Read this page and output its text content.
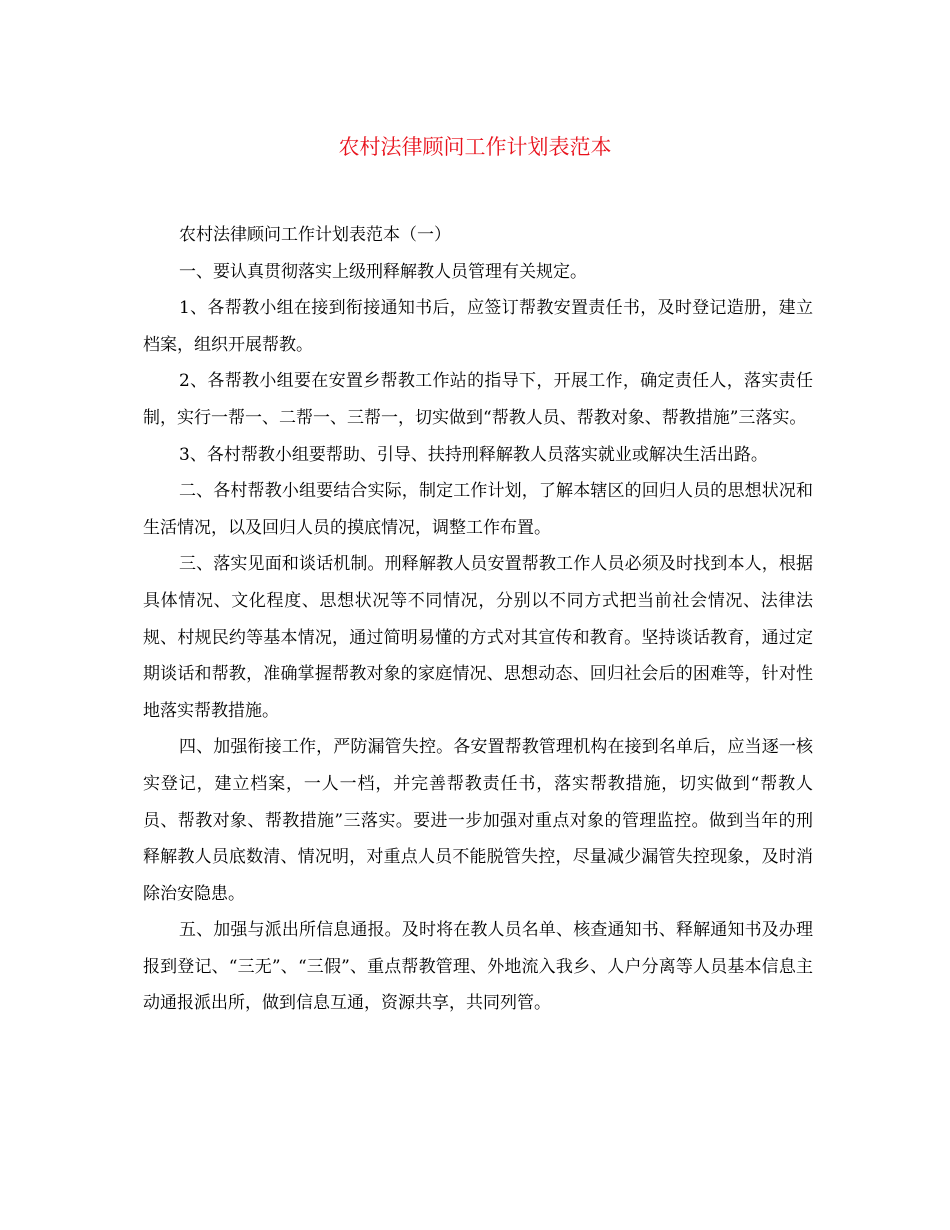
农村法律顾问工作计划表范本

农村法律顾问工作计划表范本（一）

一、要认真贯彻落实上级刑释解教人员管理有关规定。

1、各帮教小组在接到衔接通知书后，应签订帮教安置责任书，及时登记造册，建立档案，组织开展帮教。

2、各帮教小组要在安置乡帮教工作站的指导下，开展工作，确定责任人，落实责任制，实行一帮一、二帮一、三帮一，切实做到“帮教人员、帮教对象、帮教措施”三落实。

3、各村帮教小组要帮助、引导、扶持刑释解教人员落实就业或解决生活出路。

二、各村帮教小组要结合实际，制定工作计划，了解本辖区的回归人员的思想状况和生活情况，以及回归人员的摸底情况，调整工作布置。

三、落实见面和谈话机制。刑释解教人员安置帮教工作人员必须及时找到本人，根据具体情况、文化程度、思想状况等不同情况，分别以不同方式把当前社会情况、法律法规、村规民约等基本情况，通过简明易懂的方式对其宣传和教育。坚持谈话教育，通过定期谈话和帮教，准确掌握帮教对象的家庭情况、思想动态、回归社会后的困难等，针对性地落实帮教措施。

四、加强衔接工作，严防漏管失控。各安置帮教管理机构在接到名单后，应当逐一核实登记，建立档案，一人一档，并完善帮教责任书，落实帮教措施，切实做到“帮教人员、帮教对象、帮教措施”三落实。要进一步加强对重点对象的管理监控。做到当年的刑释解教人员底数清、情况明，对重点人员不能脱管失控，尽量减少漏管失控现象，及时消除治安隐患。

五、加强与派出所信息通报。及时将在教人员名单、核查通知书、释解通知书及办理报到登记、“三无”、“三假”、重点帮教管理、外地流入我乡、人户分离等人员基本信息主动通报派出所，做到信息互通，资源共享，共同列管。
